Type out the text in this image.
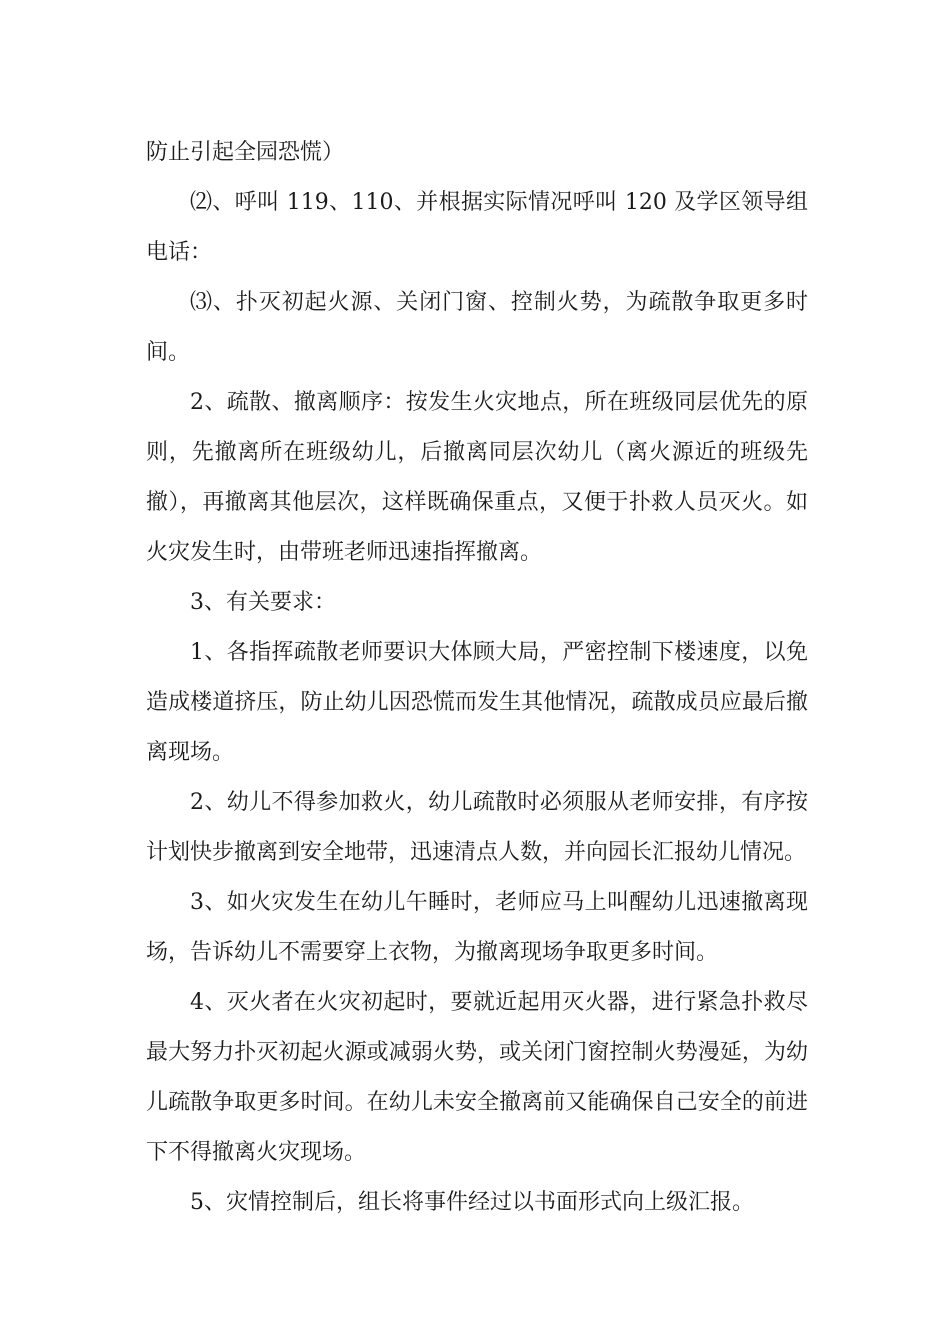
防止引起全园恐慌）

⑵、呼叫 119、110、并根据实际情况呼叫 120 及学区领导组电话：

⑶、扑灭初起火源、关闭门窗、控制火势，为疏散争取更多时间。

2、疏散、撤离顺序：按发生火灾地点，所在班级同层优先的原则，先撤离所在班级幼儿，后撤离同层次幼儿（离火源近的班级先撤），再撤离其他层次，这样既确保重点，又便于扑救人员灭火。如火灾发生时，由带班老师迅速指挥撤离。

3、有关要求：

1、各指挥疏散老师要识大体顾大局，严密控制下楼速度，以免造成楼道挤压，防止幼儿因恐慌而发生其他情况，疏散成员应最后撤离现场。

2、幼儿不得参加救火，幼儿疏散时必须服从老师安排，有序按计划快步撤离到安全地带，迅速清点人数，并向园长汇报幼儿情况。

3、如火灾发生在幼儿午睡时，老师应马上叫醒幼儿迅速撤离现场，告诉幼儿不需要穿上衣物，为撤离现场争取更多时间。

4、灭火者在火灾初起时，要就近起用灭火器，进行紧急扑救尽最大努力扑灭初起火源或减弱火势，或关闭门窗控制火势漫延，为幼儿疏散争取更多时间。在幼儿未安全撤离前又能确保自己安全的前进下不得撤离火灾现场。

5、灾情控制后，组长将事件经过以书面形式向上级汇报。
